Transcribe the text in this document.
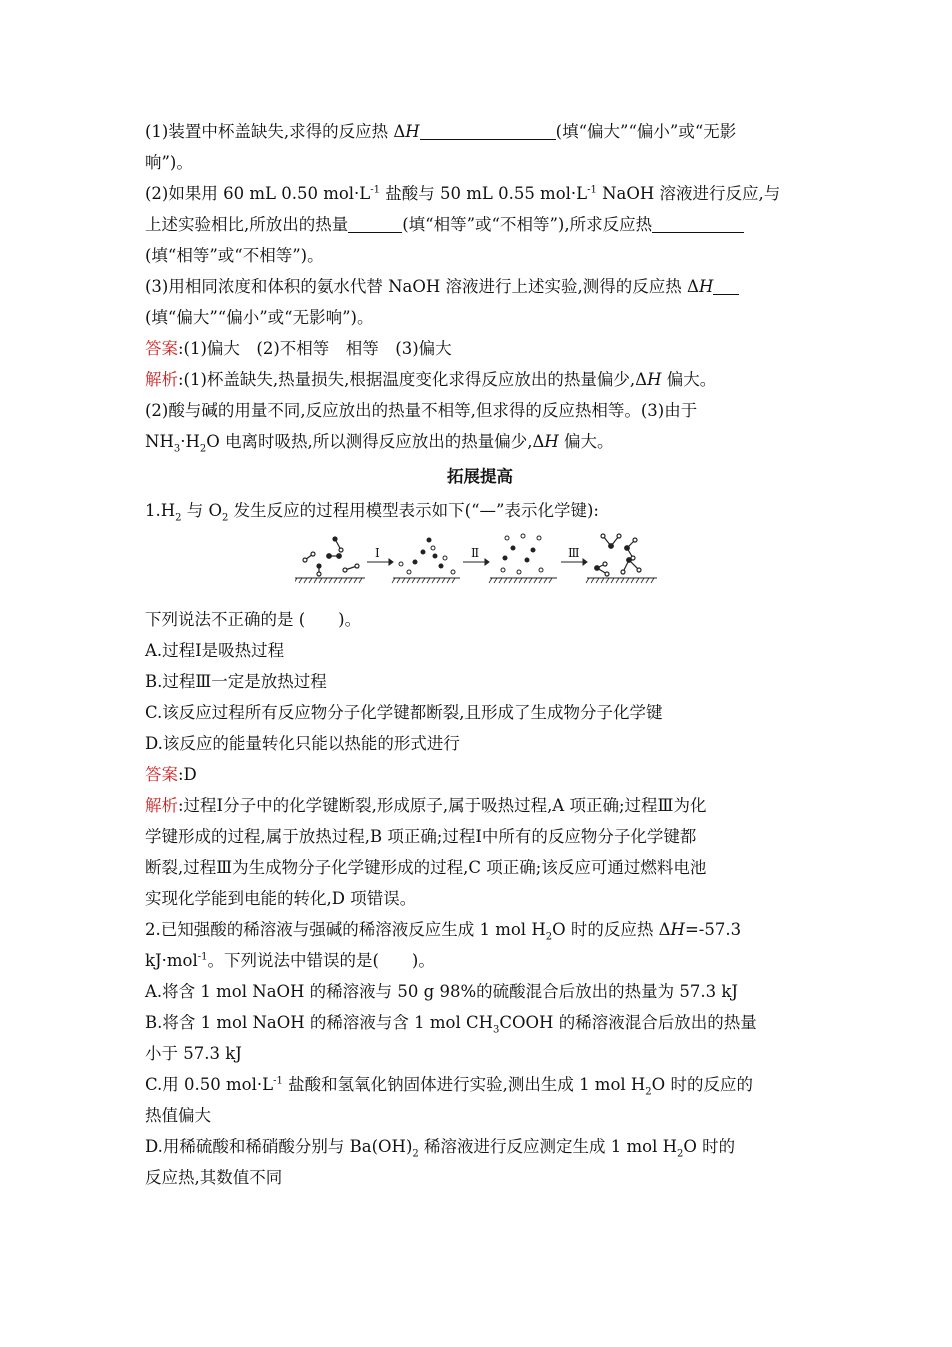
(1)装置中杯盖缺失,求得的反应热 ΔH	(填“偏大”“偏小”或“无影
响”)。
(2)如果用 60 mL 0.50 $mol\cdot L^{-1}$ 盐酸与 50 mL 0.55 $mol\cdot L^{-1}$ NaOH 溶液进行反应,与
上述实验相比,所放出的热量	(填“相等”或“不相等”),所求反应热
(填“相等”或“不相等”)。
(3)用相同浓度和体积的氨水代替 NaOH 溶液进行上述实验,测得的反应热 ΔH
(填“偏大”“偏小”或“无影响”)。
答案:(1)偏大　(2)不相等　相等　(3)偏大
解析:(1)杯盖缺失,热量损失,根据温度变化求得反应放出的热量偏少,ΔH 偏大。
(2)酸与碱的用量不同,反应放出的热量不相等,但求得的反应热相等。(3)由于
$NH_3\cdot H_2O$ 电离时吸热,所以测得反应放出的热量偏少,ΔH 偏大。
拓展提高
$1.H_2$ 与 $O_2$ 发生反应的过程用模型表示如下(“—”表示化学键):
Ⅰ	Ⅱ	Ⅲ
下列说法不正确的是 (　　)。
A.过程Ⅰ是吸热过程
B.过程Ⅲ一定是放热过程
C.该反应过程所有反应物分子化学键都断裂,且形成了生成物分子化学键
D.该反应的能量转化只能以热能的形式进行
答案:D
解析:过程Ⅰ分子中的化学键断裂,形成原子,属于吸热过程,A 项正确;过程Ⅲ为化
学键形成的过程,属于放热过程,B 项正确;过程Ⅰ中所有的反应物分子化学键都
断裂,过程Ⅲ为生成物分子化学键形成的过程,C 项正确;该反应可通过燃料电池
实现化学能到电能的转化,D 项错误。
2.已知强酸的稀溶液与强碱的稀溶液反应生成 1 mol $H_2O$ 时的反应热 ΔH=-57.3
kJ·mol$^{-1}$。下列说法中错误的是(　　)。
A.将含 1 mol NaOH 的稀溶液与 50 g 98%的硫酸混合后放出的热量为 57.3 kJ
B.将含 1 mol NaOH 的稀溶液与含 1 mol $CH_3COOH$ 的稀溶液混合后放出的热量
小于 57.3 kJ
C.用 0.50 $mol\cdot L^{-1}$ 盐酸和氢氧化钠固体进行实验,测出生成 1 mol $H_2O$ 时的反应的
热值偏大
D.用稀硫酸和稀硝酸分别与 $Ba(OH)_2$ 稀溶液进行反应测定生成 1 mol $H_2O$ 时的
反应热,其数值不同
